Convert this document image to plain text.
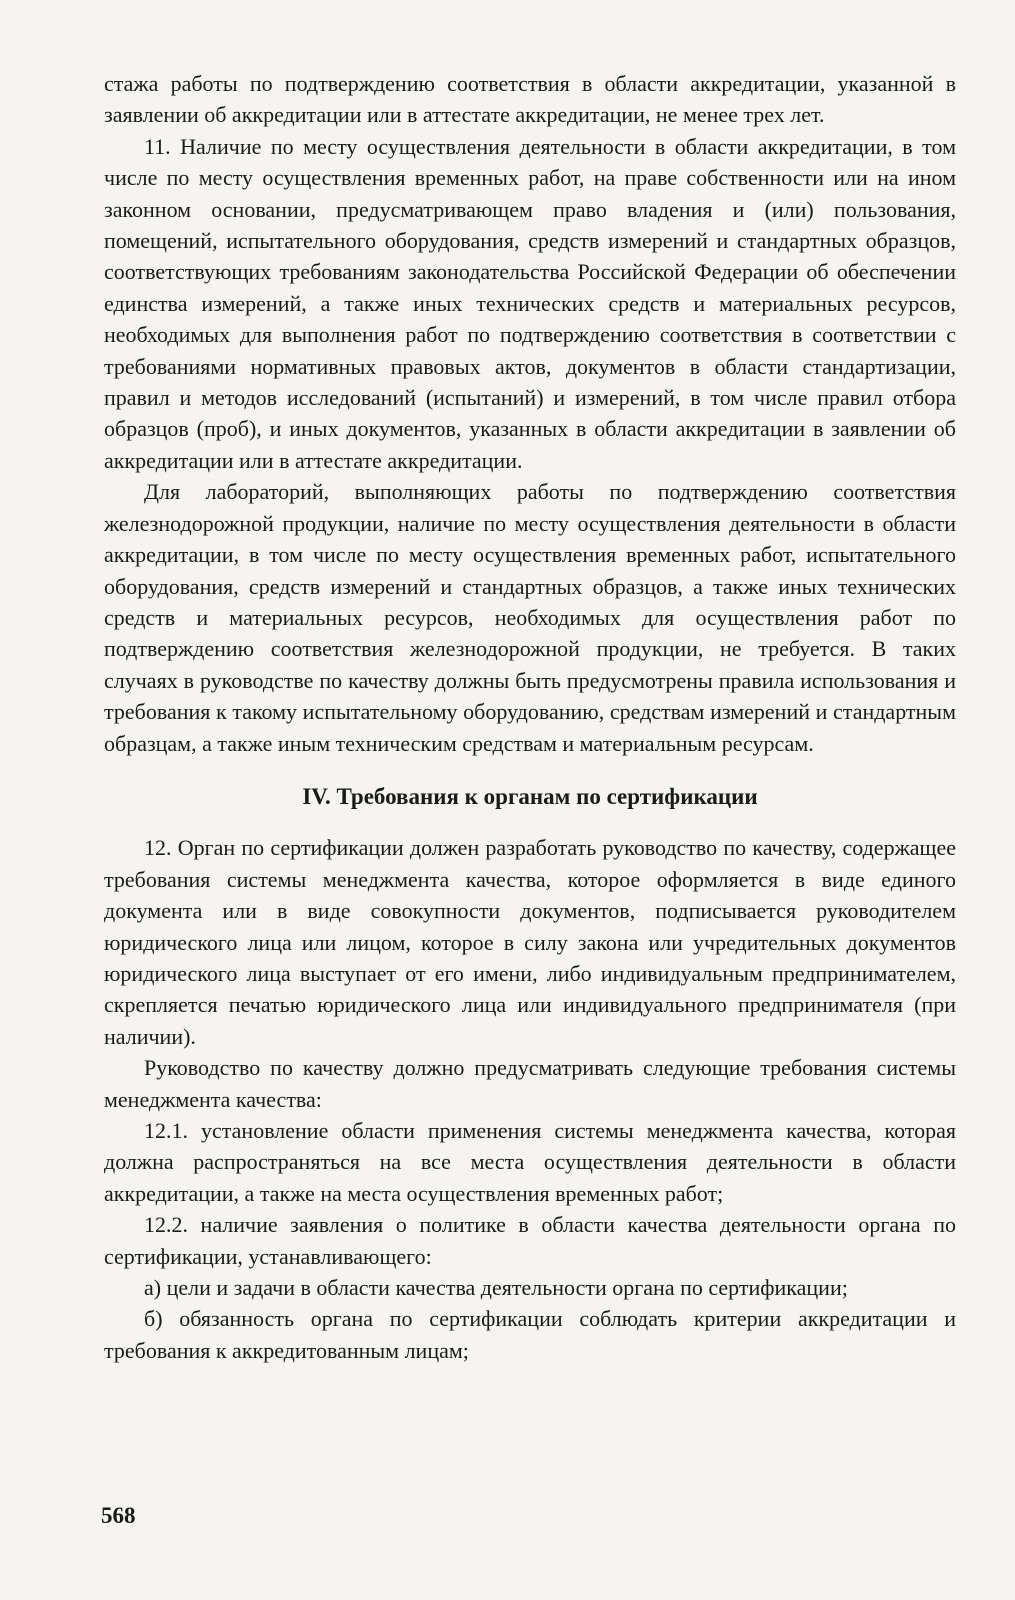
стажа работы по подтверждению соответствия в области аккредитации, указанной в заявлении об аккредитации или в аттестате аккредитации, не менее трех лет.

11. Наличие по месту осуществления деятельности в области аккредитации, в том числе по месту осуществления временных работ, на праве собственности или на ином законном основании, предусматривающем право владения и (или) пользования, помещений, испытательного оборудования, средств измерений и стандартных образцов, соответствующих требованиям законодательства Российской Федерации об обеспечении единства измерений, а также иных технических средств и материальных ресурсов, необходимых для выполнения работ по подтверждению соответствия в соответствии с требованиями нормативных правовых актов, документов в области стандартизации, правил и методов исследований (испытаний) и измерений, в том числе правил отбора образцов (проб), и иных документов, указанных в области аккредитации в заявлении об аккредитации или в аттестате аккредитации.

Для лабораторий, выполняющих работы по подтверждению соответствия железнодорожной продукции, наличие по месту осуществления деятельности в области аккредитации, в том числе по месту осуществления временных работ, испытательного оборудования, средств измерений и стандартных образцов, а также иных технических средств и материальных ресурсов, необходимых для осуществления работ по подтверждению соответствия железнодорожной продукции, не требуется. В таких случаях в руководстве по качеству должны быть предусмотрены правила использования и требования к такому испытательному оборудованию, средствам измерений и стандартным образцам, а также иным техническим средствам и материальным ресурсам.

IV. Требования к органам по сертификации

12. Орган по сертификации должен разработать руководство по качеству, содержащее требования системы менеджмента качества, которое оформляется в виде единого документа или в виде совокупности документов, подписывается руководителем юридического лица или лицом, которое в силу закона или учредительных документов юридического лица выступает от его имени, либо индивидуальным предпринимателем, скрепляется печатью юридического лица или индивидуального предпринимателя (при наличии).

Руководство по качеству должно предусматривать следующие требования системы менеджмента качества:

12.1. установление области применения системы менеджмента качества, которая должна распространяться на все места осуществления деятельности в области аккредитации, а также на места осуществления временных работ;

12.2. наличие заявления о политике в области качества деятельности органа по сертификации, устанавливающего:

а) цели и задачи в области качества деятельности органа по сертификации;

б) обязанность органа по сертификации соблюдать критерии аккредитации и требования к аккредитованным лицам;

568
